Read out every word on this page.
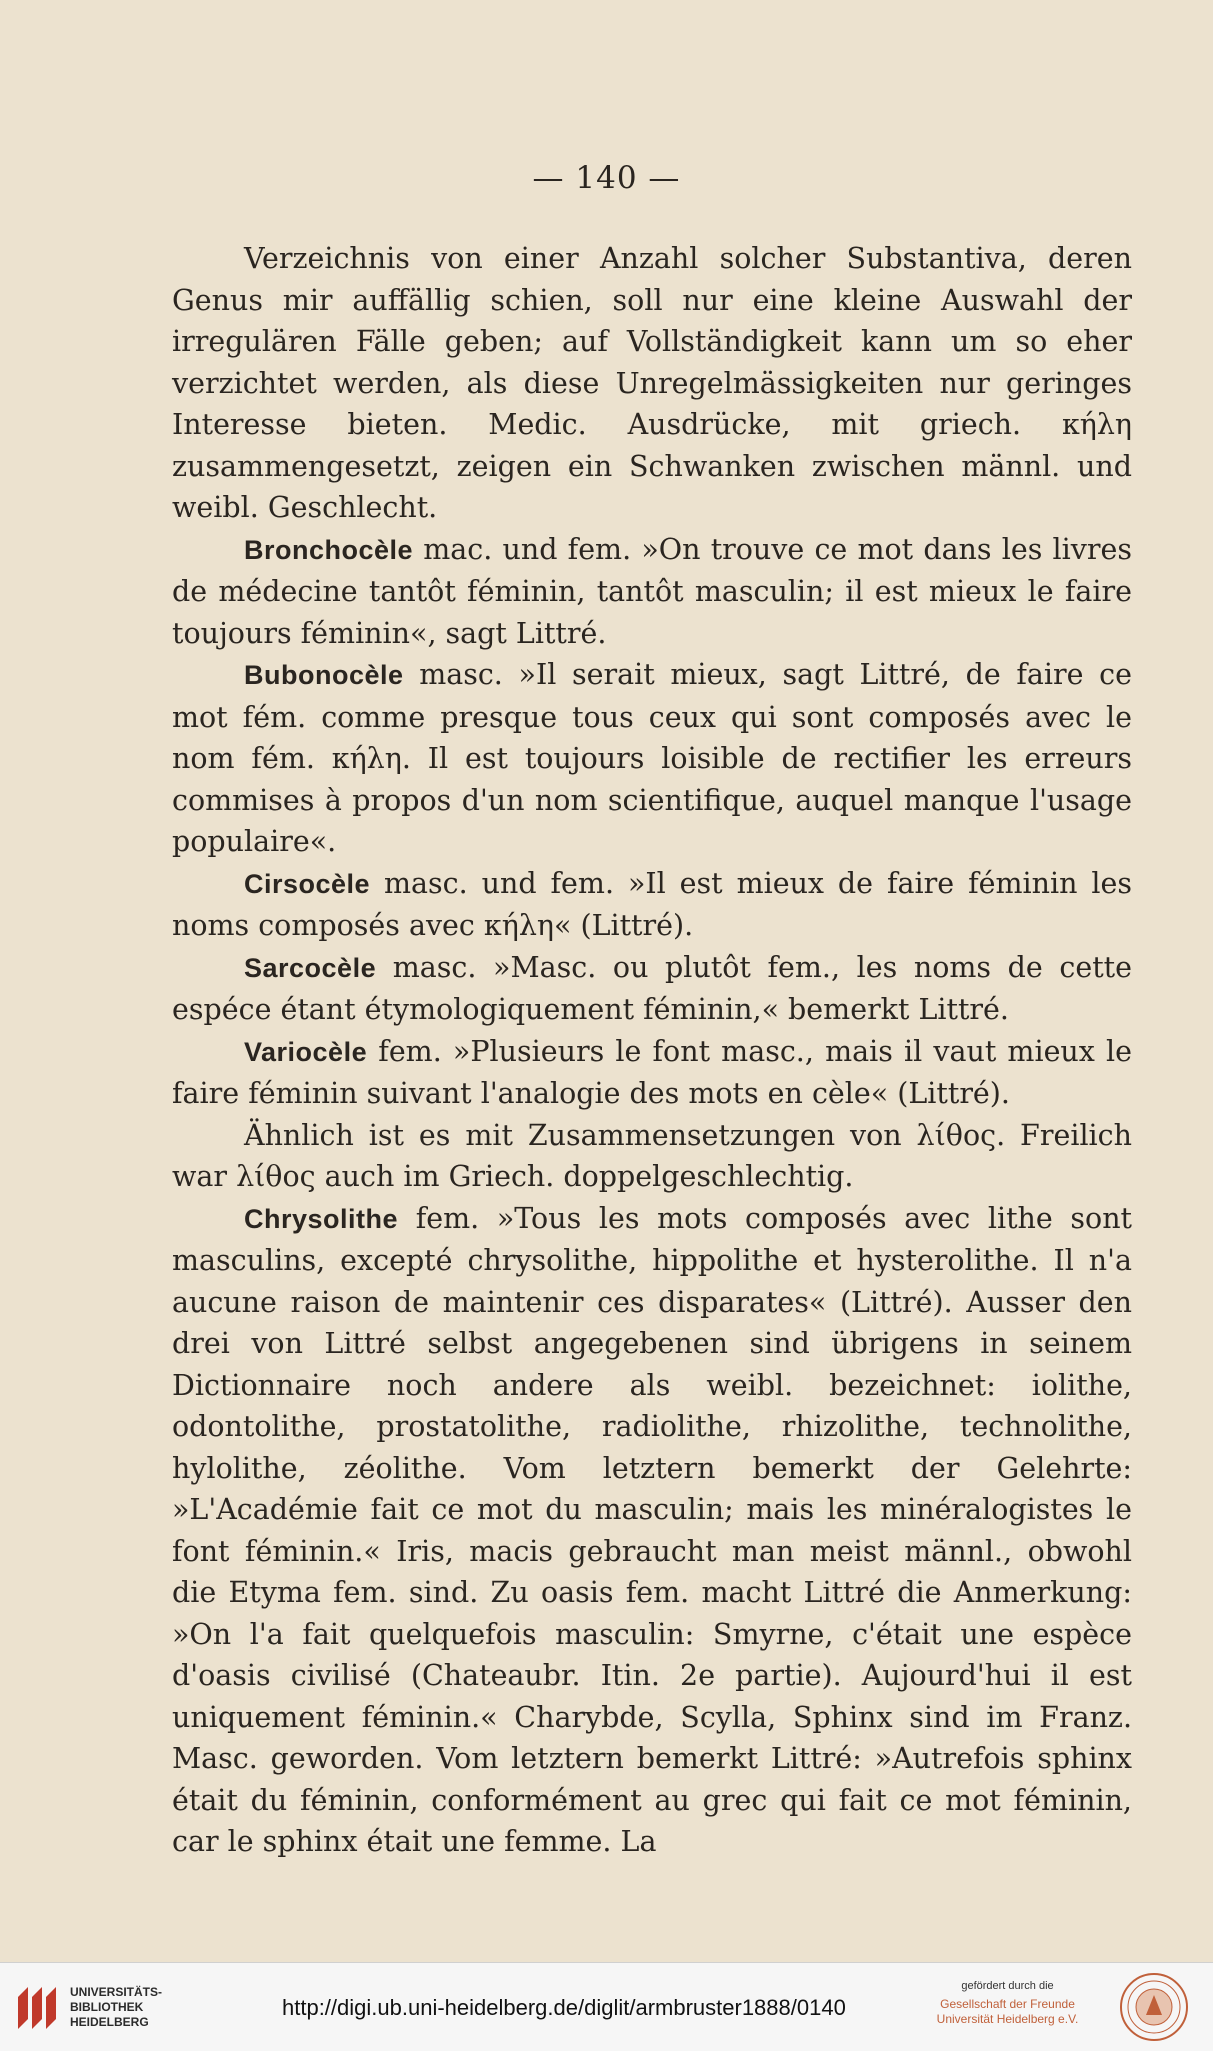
— 140 —

Verzeichnis von einer Anzahl solcher Substantiva, deren Genus mir auffällig schien, soll nur eine kleine Auswahl der irregulären Fälle geben; auf Vollständigkeit kann um so eher verzichtet werden, als diese Unregelmässigkeiten nur geringes Interesse bieten. Medic. Ausdrücke, mit griech. κήλη zusammengesetzt, zeigen ein Schwanken zwischen männl. und weibl. Geschlecht.

Bronchocèle mac. und fem. »On trouve ce mot dans les livres de médecine tantôt féminin, tantôt masculin; il est mieux le faire toujours féminin«, sagt Littré.

Bubonocèle masc. »Il serait mieux, sagt Littré, de faire ce mot fém. comme presque tous ceux qui sont composés avec le nom fém. κήλη. Il est toujours loisible de rectifier les erreurs commises à propos d'un nom scientifique, auquel manque l'usage populaire«.

Cirsocèle masc. und fem. »Il est mieux de faire féminin les noms composés avec κήλη« (Littré).

Sarcocèle masc. »Masc. ou plutôt fem., les noms de cette espéce étant étymologiquement féminin,« bemerkt Littré.

Variocèle fem. »Plusieurs le font masc., mais il vaut mieux le faire féminin suivant l'analogie des mots en cèle« (Littré).

Ähnlich ist es mit Zusammensetzungen von λίθος. Freilich war λίθος auch im Griech. doppelgeschlechtig.

Chrysolithe fem. »Tous les mots composés avec lithe sont masculins, excepté chrysolithe, hippolithe et hysterolithe. Il n'a aucune raison de maintenir ces disparates« (Littré). Ausser den drei von Littré selbst angegebenen sind übrigens in seinem Dictionnaire noch andere als weibl. bezeichnet: iolithe, odontolithe, prostatolithe, radiolithe, rhizolithe, technolithe, hylolithe, zéolithe. Vom letztern bemerkt der Gelehrte: »L'Académie fait ce mot du masculin; mais les minéralogistes le font féminin.« Iris, macis gebraucht man meist männl., obwohl die Etyma fem. sind. Zu oasis fem. macht Littré die Anmerkung: »On l'a fait quelquefois masculin: Smyrne, c'était une espèce d'oasis civilisé (Chateaubr. Itin. 2e partie). Aujourd'hui il est uniquement féminin.« Charybde, Scylla, Sphinx sind im Franz. Masc. geworden. Vom letztern bemerkt Littré: »Autrefois sphinx était du féminin, conformément au grec qui fait ce mot féminin, car le sphinx était une femme. La

UNIVERSITÄTS-
BIBLIOTHEK
HEIDELBERG
http://digi.ub.uni-heidelberg.de/diglit/armbruster1888/0140
gefördert durch die
Gesellschaft der Freunde
Universität Heidelberg e.V.
